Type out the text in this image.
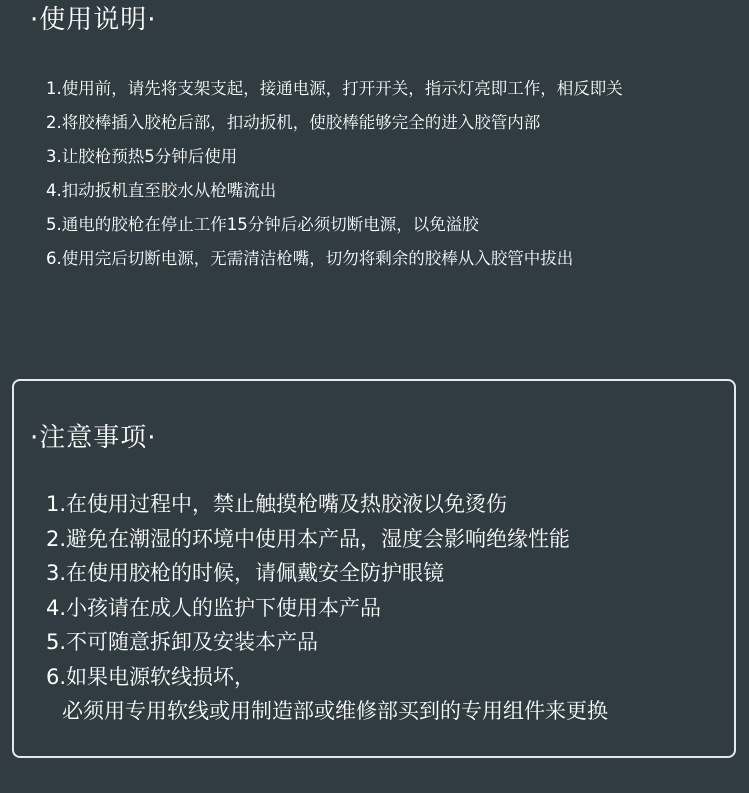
·使用说明·
1.使用前，请先将支架支起，接通电源，打开开关，指示灯亮即工作，相反即关
2.将胶棒插入胶枪后部，扣动扳机，使胶棒能够完全的进入胶管内部
3.让胶枪预热5分钟后使用
4.扣动扳机直至胶水从枪嘴流出
5.通电的胶枪在停止工作15分钟后必须切断电源，以免溢胶
6.使用完后切断电源，无需清洁枪嘴，切勿将剩余的胶棒从入胶管中拔出
·注意事项·
1.在使用过程中，禁止触摸枪嘴及热胶液以免烫伤
2.避免在潮湿的环境中使用本产品，湿度会影响绝缘性能
3.在使用胶枪的时候，请佩戴安全防护眼镜
4.小孩请在成人的监护下使用本产品
5.不可随意拆卸及安装本产品
6.如果电源软线损坏，
必须用专用软线或用制造部或维修部买到的专用组件来更换
